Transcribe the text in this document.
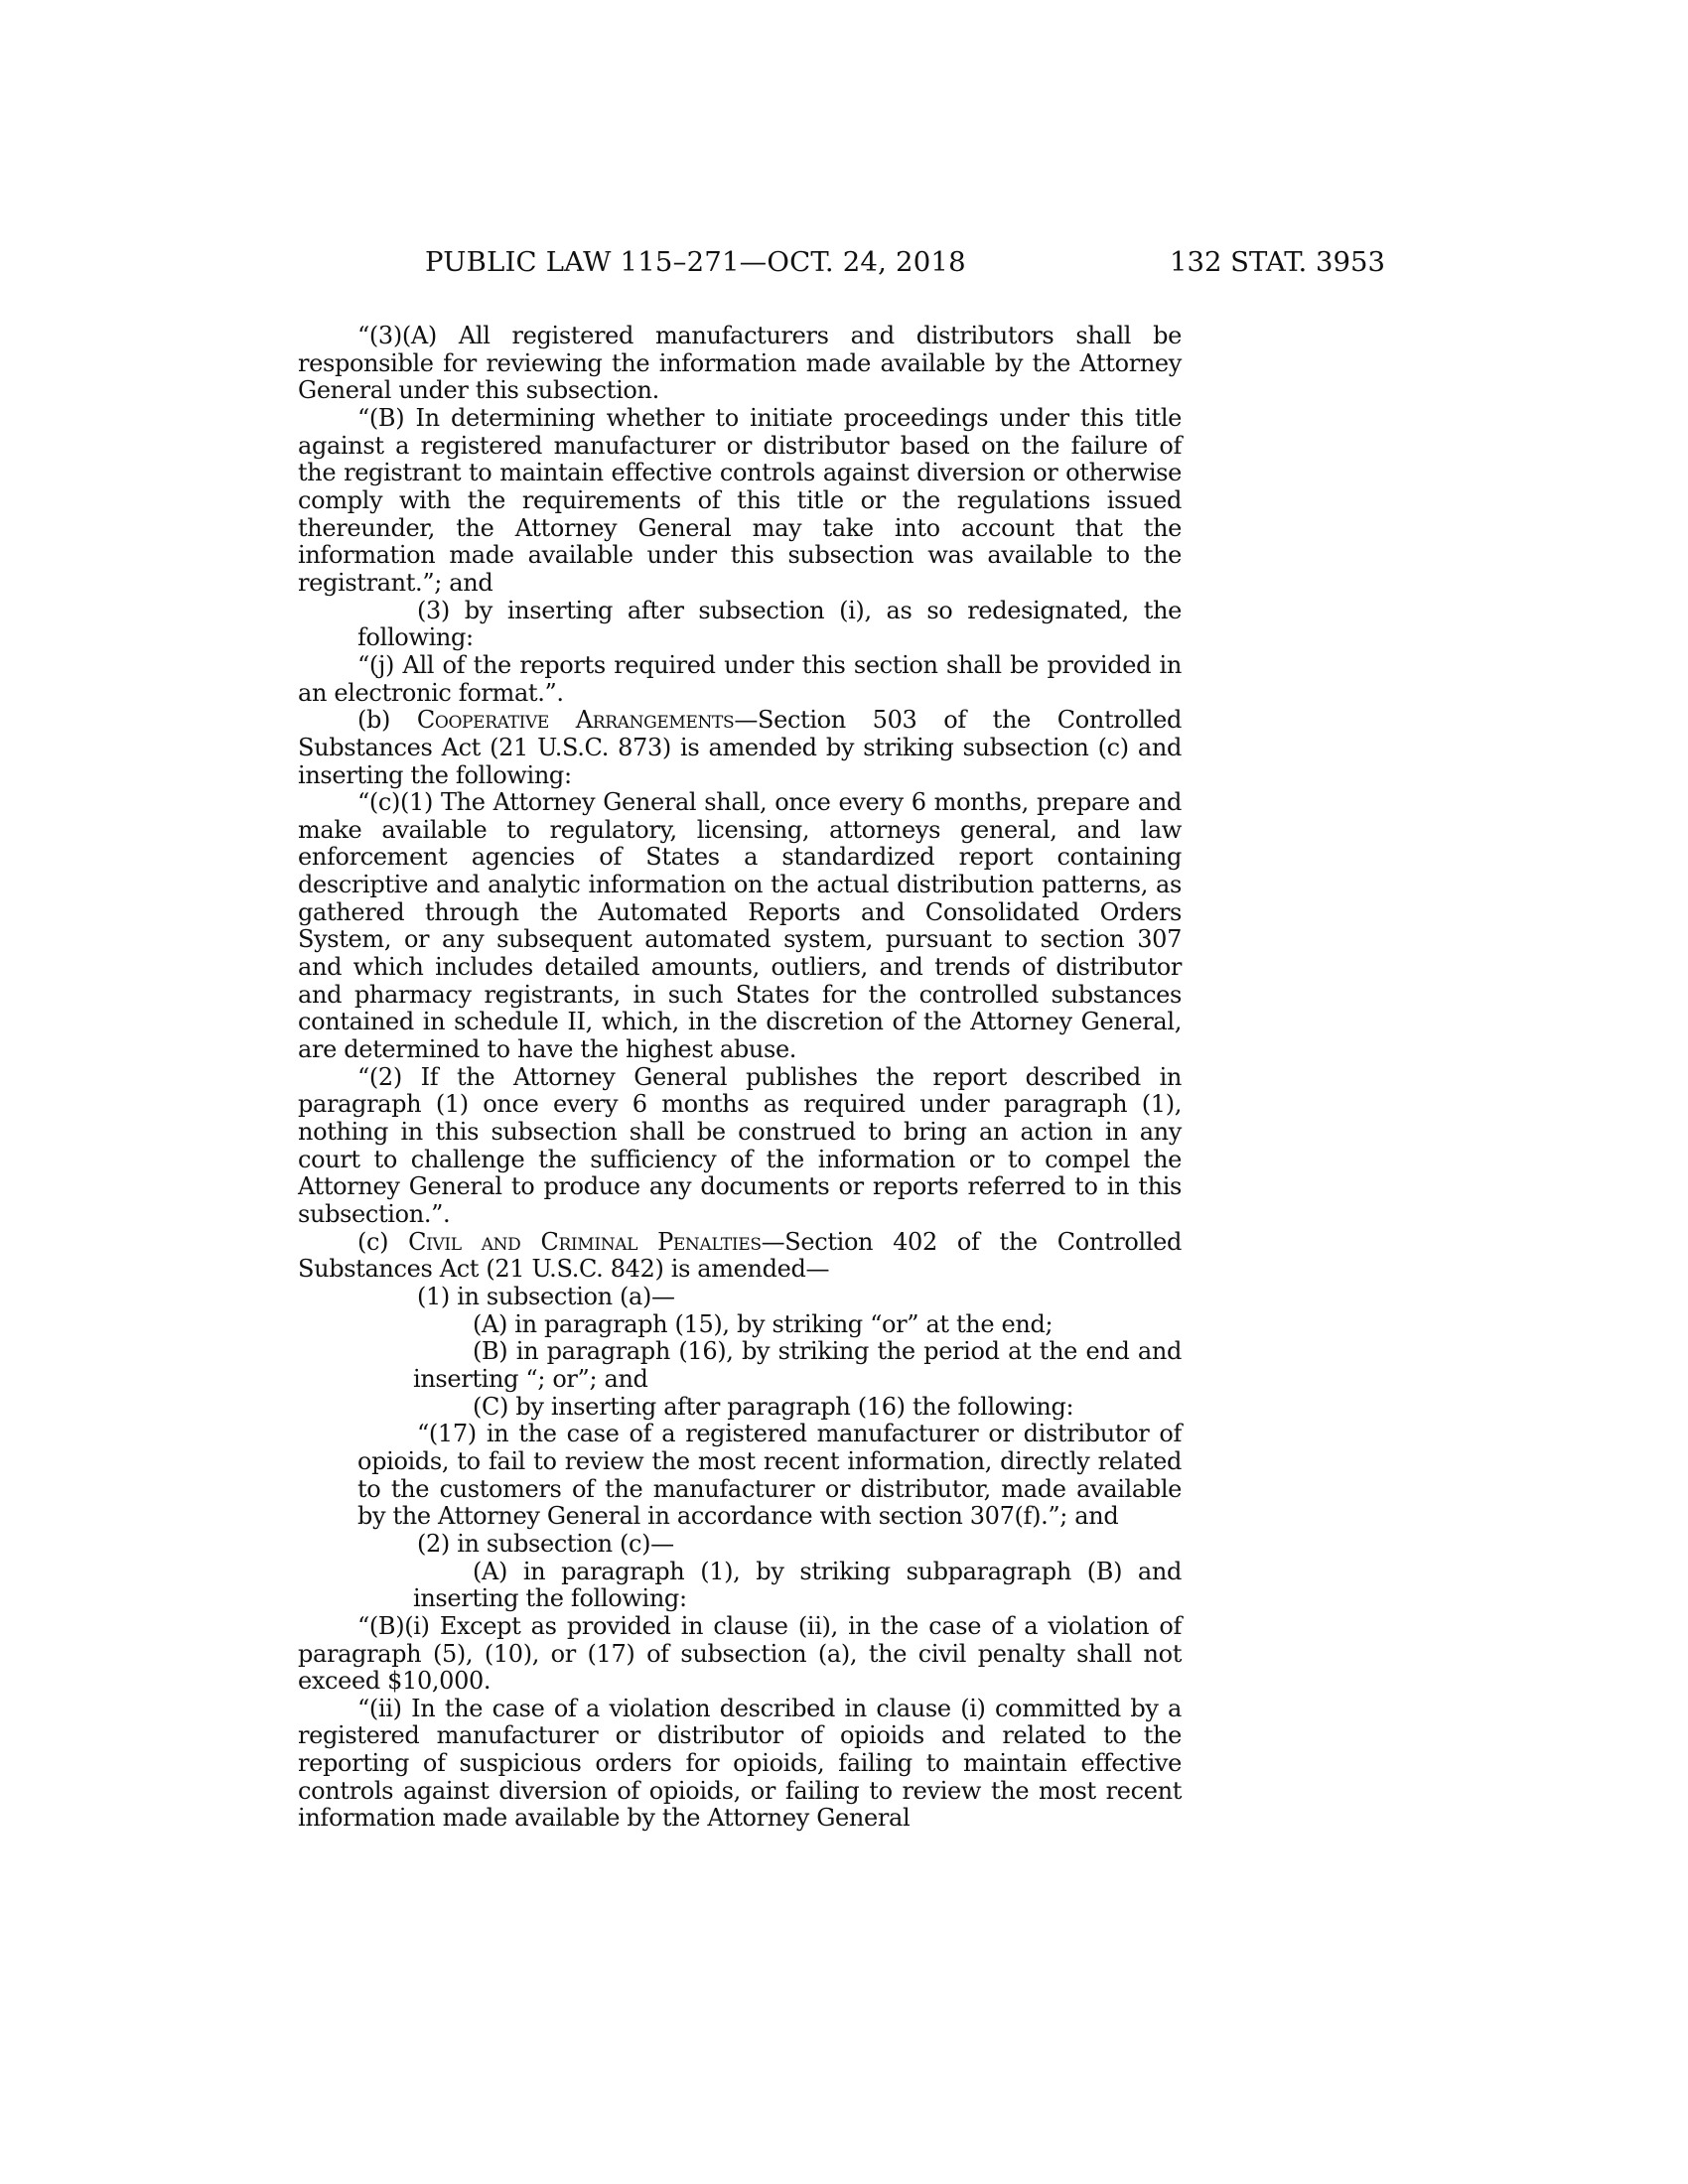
PUBLIC LAW 115–271—OCT. 24, 2018	132 STAT. 3953

“(3)(A) All registered manufacturers and distributors shall be responsible for reviewing the information made available by the Attorney General under this subsection.

“(B) In determining whether to initiate proceedings under this title against a registered manufacturer or distributor based on the failure of the registrant to maintain effective controls against diversion or otherwise comply with the requirements of this title or the regulations issued thereunder, the Attorney General may take into account that the information made available under this subsection was available to the registrant.”; and

(3) by inserting after subsection (i), as so redesignated, the following:

“(j) All of the reports required under this section shall be provided in an electronic format.”.

(b) Cooperative Arrangements—Section 503 of the Controlled Substances Act (21 U.S.C. 873) is amended by striking subsection (c) and inserting the following:

“(c)(1) The Attorney General shall, once every 6 months, prepare and make available to regulatory, licensing, attorneys general, and law enforcement agencies of States a standardized report containing descriptive and analytic information on the actual distribution patterns, as gathered through the Automated Reports and Consolidated Orders System, or any subsequent automated system, pursuant to section 307 and which includes detailed amounts, outliers, and trends of distributor and pharmacy registrants, in such States for the controlled substances contained in schedule II, which, in the discretion of the Attorney General, are determined to have the highest abuse.

“(2) If the Attorney General publishes the report described in paragraph (1) once every 6 months as required under paragraph (1), nothing in this subsection shall be construed to bring an action in any court to challenge the sufficiency of the information or to compel the Attorney General to produce any documents or reports referred to in this subsection.”.

(c) Civil and Criminal Penalties—Section 402 of the Controlled Substances Act (21 U.S.C. 842) is amended—

(1) in subsection (a)—

(A) in paragraph (15), by striking “or” at the end;

(B) in paragraph (16), by striking the period at the end and inserting “; or”; and

(C) by inserting after paragraph (16) the following:

“(17) in the case of a registered manufacturer or distributor of opioids, to fail to review the most recent information, directly related to the customers of the manufacturer or distributor, made available by the Attorney General in accordance with section 307(f).”; and

(2) in subsection (c)—

(A) in paragraph (1), by striking subparagraph (B) and inserting the following:

“(B)(i) Except as provided in clause (ii), in the case of a violation of paragraph (5), (10), or (17) of subsection (a), the civil penalty shall not exceed $10,000.

“(ii) In the case of a violation described in clause (i) committed by a registered manufacturer or distributor of opioids and related to the reporting of suspicious orders for opioids, failing to maintain effective controls against diversion of opioids, or failing to review the most recent information made available by the Attorney General
